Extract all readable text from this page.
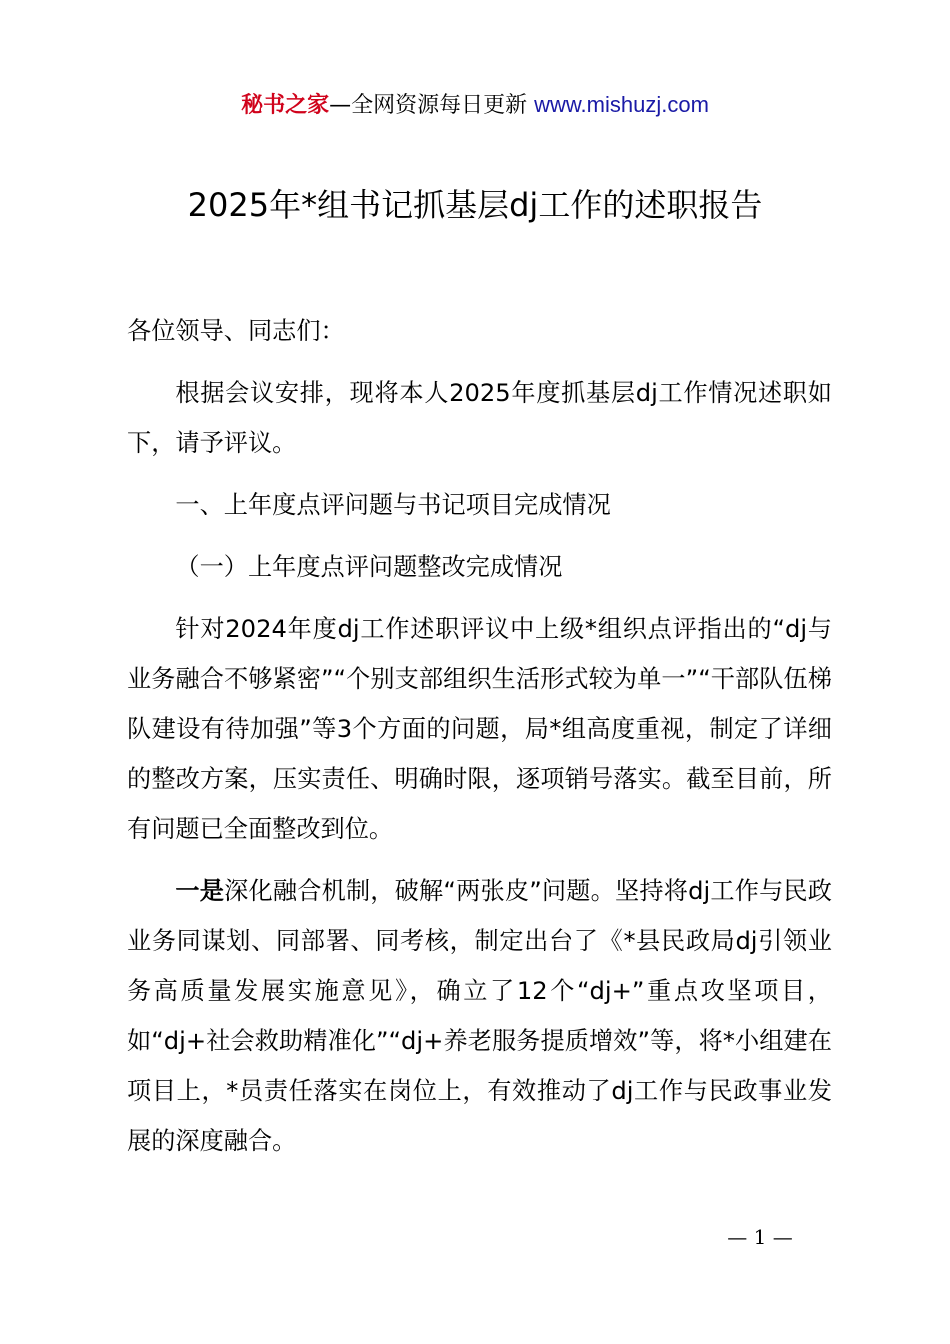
秘书之家—全网资源每日更新 www.mishuzj.com
2025年*组书记抓基层dj工作的述职报告
各位领导、同志们：

根据会议安排，现将本人2025年度抓基层dj工作情况述职如下，请予评议。

一、上年度点评问题与书记项目完成情况

（一）上年度点评问题整改完成情况

针对2024年度dj工作述职评议中上级*组织点评指出的“dj与业务融合不够紧密”“个别支部组织生活形式较为单一”“干部队伍梯队建设有待加强”等3个方面的问题，局*组高度重视，制定了详细的整改方案，压实责任、明确时限，逐项销号落实。截至目前，所有问题已全面整改到位。

一是深化融合机制，破解“两张皮”问题。坚持将dj工作与民政业务同谋划、同部署、同考核，制定出台了《*县民政局dj引领业务高质量发展实施意见》，确立了12个“dj+”重点攻坚项目，如“dj+社会救助精准化”“dj+养老服务提质增效”等，将*小组建在项目上，*员责任落实在岗位上，有效推动了dj工作与民政事业发展的深度融合。

— 1 —
